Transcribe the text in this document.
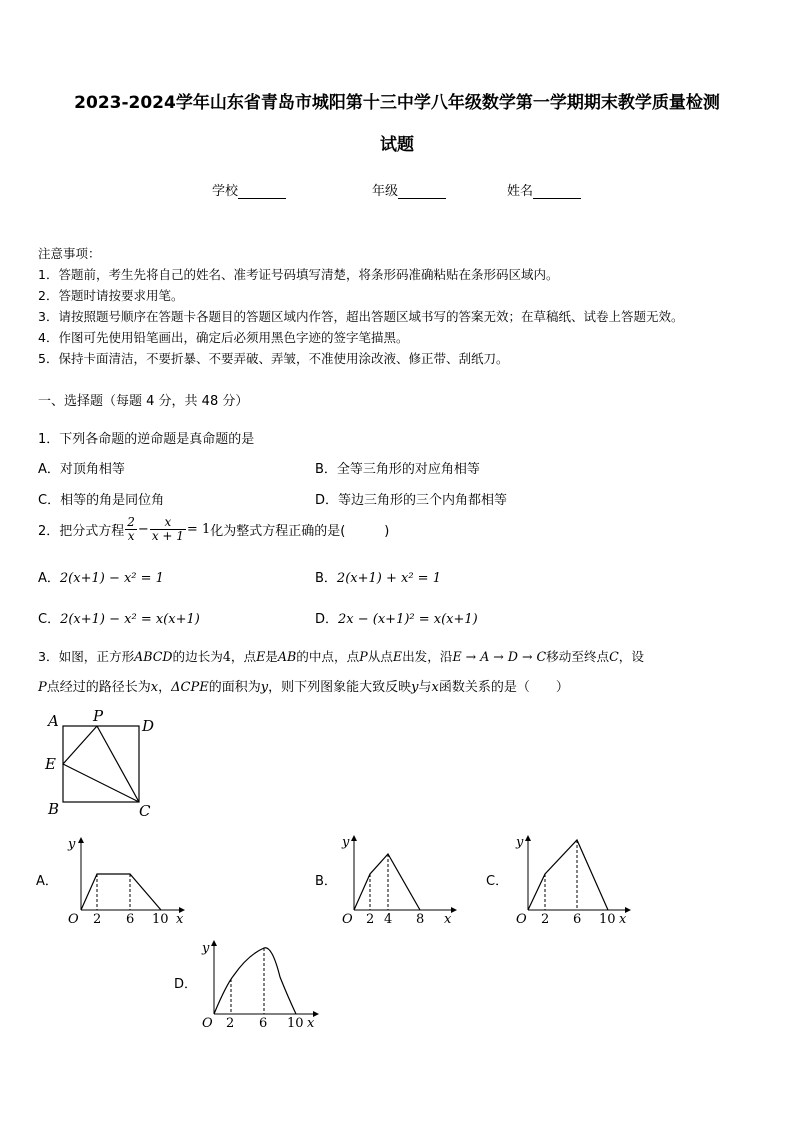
2023-2024学年山东省青岛市城阳第十三中学八年级数学第一学期期末教学质量检测
试题
学校	年级	姓名
注意事项：
1．答题前，考生先将自己的姓名、准考证号码填写清楚，将条形码准确粘贴在条形码区域内。
2．答题时请按要求用笔。
3．请按照题号顺序在答题卡各题目的答题区域内作答，超出答题区域书写的答案无效；在草稿纸、试卷上答题无效。
4．作图可先使用铅笔画出，确定后必须用黑色字迹的签字笔描黑。
5．保持卡面清洁，不要折暴、不要弄破、弄皱，不准使用涂改液、修正带、刮纸刀。
一、选择题（每题 4 分，共 48 分）
1．下列各命题的逆命题是真命题的是
A．对顶角相等	B．全等三角形的对应角相等
C．相等的角是同位角	D．等边三角形的三个内角都相等
2．把分式方程 $\frac{2}{x} - \frac{x}{x + 1} = 1$化为整式方程正确的是(　　　)
A．2(x+1) − x² = 1	B．2(x+1) + x² = 1
C．2(x+1) − x² = x(x+1)	D．2x − (x+1)² = x(x+1)
3．如图，正方形ABCD的边长为4，点E是AB的中点，点P从点E出发，沿E → A → D → C移动至终点C，设
P点经过的路径长为x，ΔCPE的面积为y，则下列图象能大致反映y与x函数关系的是（　　）
A P
D
E
B	C
A．
y
x
O 2 6 10
B．
y
x
O 2 4 8
C．
y
x
O 2 6 10
D．
y
x
O 2 6 10
